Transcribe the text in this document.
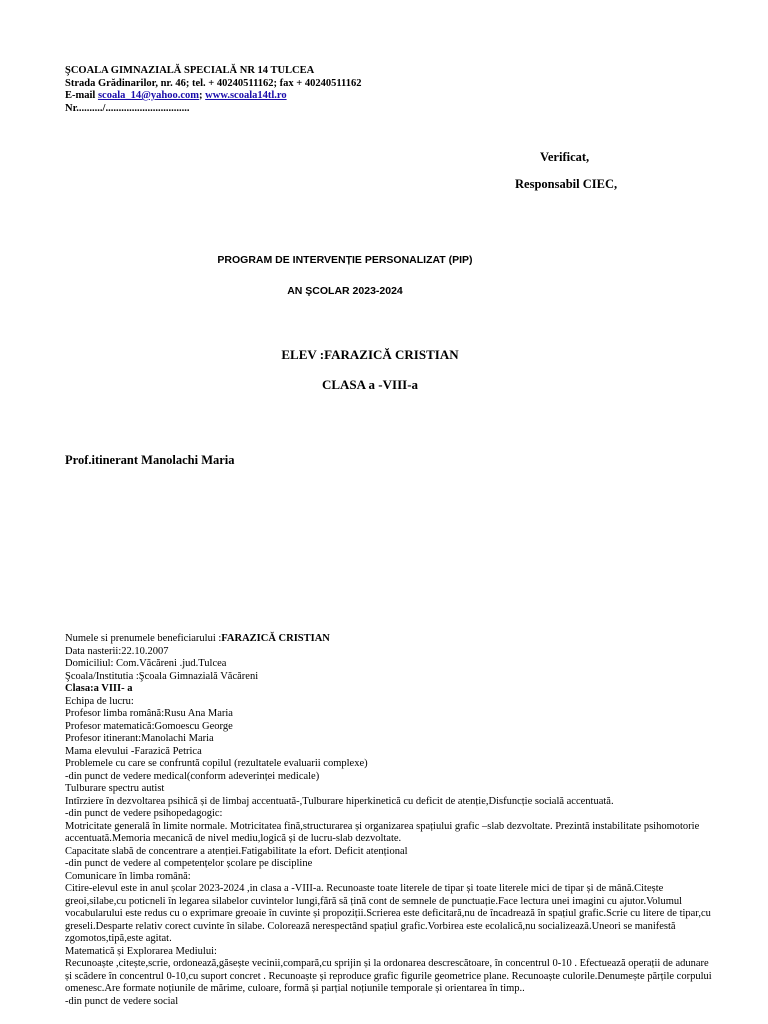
ŞCOALA GIMNAZIALĂ SPECIALĂ NR 14 TULCEA
Strada Grădinarilor, nr. 46; tel. + 40240511162; fax + 40240511162
E-mail scoala_14@yahoo.com; www.scoala14tl.ro
Nr........../................................
Verificat,
Responsabil CIEC,
PROGRAM DE INTERVENȚIE PERSONALIZAT (PIP)
AN ŞCOLAR 2023-2024
ELEV :FARAZICĂ CRISTIAN
CLASA a -VIII-a
Prof.itinerant Manolachi Maria

Numele si prenumele beneficiarului :FARAZICĂ CRISTIAN

Data nasterii:22.10.2007

Domiciliul: Com.Văcăreni .jud.Tulcea

Şcoala/Institutia :Şcoala Gimnazială Văcăreni

Clasa:a VIII- a

Echipa de lucru:

Profesor limba română:Rusu Ana Maria

Profesor matematică:Gomoescu George

Profesor itinerant:Manolachi Maria

Mama elevului -Farazică Petrica

Problemele cu care se confruntă copilul (rezultatele evaluarii complexe)

-din punct de vedere medical(conform adeverinței medicale)

Tulburare spectru autist

Intîrziere în dezvoltarea psihică și de limbaj accentuată-,Tulburare hiperkinetică cu deficit de atenție,Disfuncție socială accentuată.

-din punct de vedere psihopedagogic:

Motricitate generală în limite normale. Motricitatea fină,structurarea și organizarea spațiului grafic –slab dezvoltate. Prezintă instabilitate psihomotorie accentuată.Memoria mecanică de nivel mediu,logică și de lucru-slab dezvoltate.

Capacitate slabă de concentrare a atenției.Fatigabilitate la efort. Deficit atențional

-din punct de vedere al competențelor școlare pe discipline

Comunicare în limba română:

Citire-elevul este in anul școlar 2023-2024 ,in clasa a -VIII-a. Recunoaste toate literele de tipar și toate literele mici de tipar și de mână.Citește greoi,silabe,cu poticneli în legarea silabelor cuvintelor lungi,fără să țină cont de semnele de punctuație.Face lectura unei imagini cu ajutor.Volumul vocabularului este redus cu o exprimare greoaie în cuvinte și propoziții.Scrierea este deficitară,nu de încadrează în spațiul grafic.Scrie cu litere de tipar,cu greseli.Desparte relativ corect cuvinte în silabe. Colorează nerespectând spațiul grafic.Vorbirea este ecolalică,nu socializează.Uneori se manifestă zgomotos,tipă,este agitat.

Matematică și Explorarea Mediului:

Recunoaște ,citește,scrie, ordonează,găsește vecinii,compară,cu sprijin și la ordonarea descrescătoare, în concentrul 0-10 . Efectuează operații de adunare și scădere în concentrul 0-10,cu suport concret . Recunoaște și reproduce grafic figurile geometrice plane. Recunoaște culorile.Denumește părțile corpului omenesc.Are formate noțiunile de mărime, culoare, formă și parțial noțiunile temporale și orientarea în timp..

-din punct de vedere social
